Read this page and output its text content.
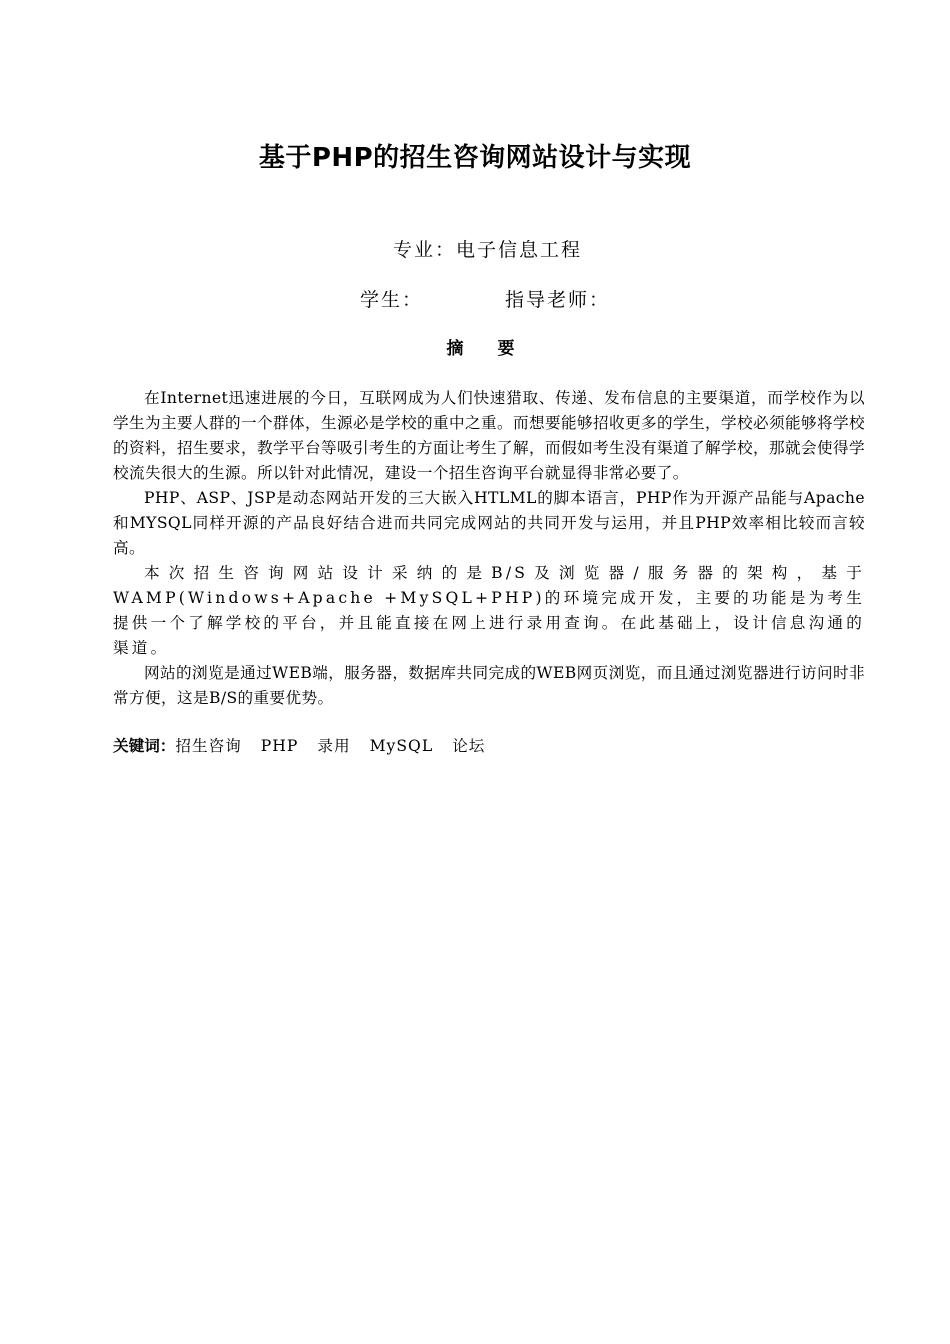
基于PHP的招生咨询网站设计与实现
专业：电子信息工程
学生：	指导老师：
摘 要

在Internet迅速进展的今日，互联网成为人们快速猎取、传递、发布信息的主要渠道，而学校作为以学生为主要人群的一个群体，生源必是学校的重中之重。而想要能够招收更多的学生，学校必须能够将学校的资料，招生要求，教学平台等吸引考生的方面让考生了解，而假如考生没有渠道了解学校，那就会使得学校流失很大的生源。所以针对此情况，建设一个招生咨询平台就显得非常必要了。

PHP、ASP、JSP是动态网站开发的三大嵌入HTLML的脚本语言，PHP作为开源产品能与Apache和MYSQL同样开源的产品良好结合进而共同完成网站的共同开发与运用，并且PHP效率相比较而言较高。

本次招生咨询网站设计采纳的是B/S及浏览器/服务器的架构，基于WAMP(Windows+Apache +MySQL+PHP)的环境完成开发，主要的功能是为考生提供一个了解学校的平台，并且能直接在网上进行录用查询。在此基础上，设计信息沟通的渠道。

网站的浏览是通过WEB端，服务器，数据库共同完成的WEB网页浏览，而且通过浏览器进行访问时非常方便，这是B/S的重要优势。

关键词：招生咨询 PHP 录用 MySQL 论坛
